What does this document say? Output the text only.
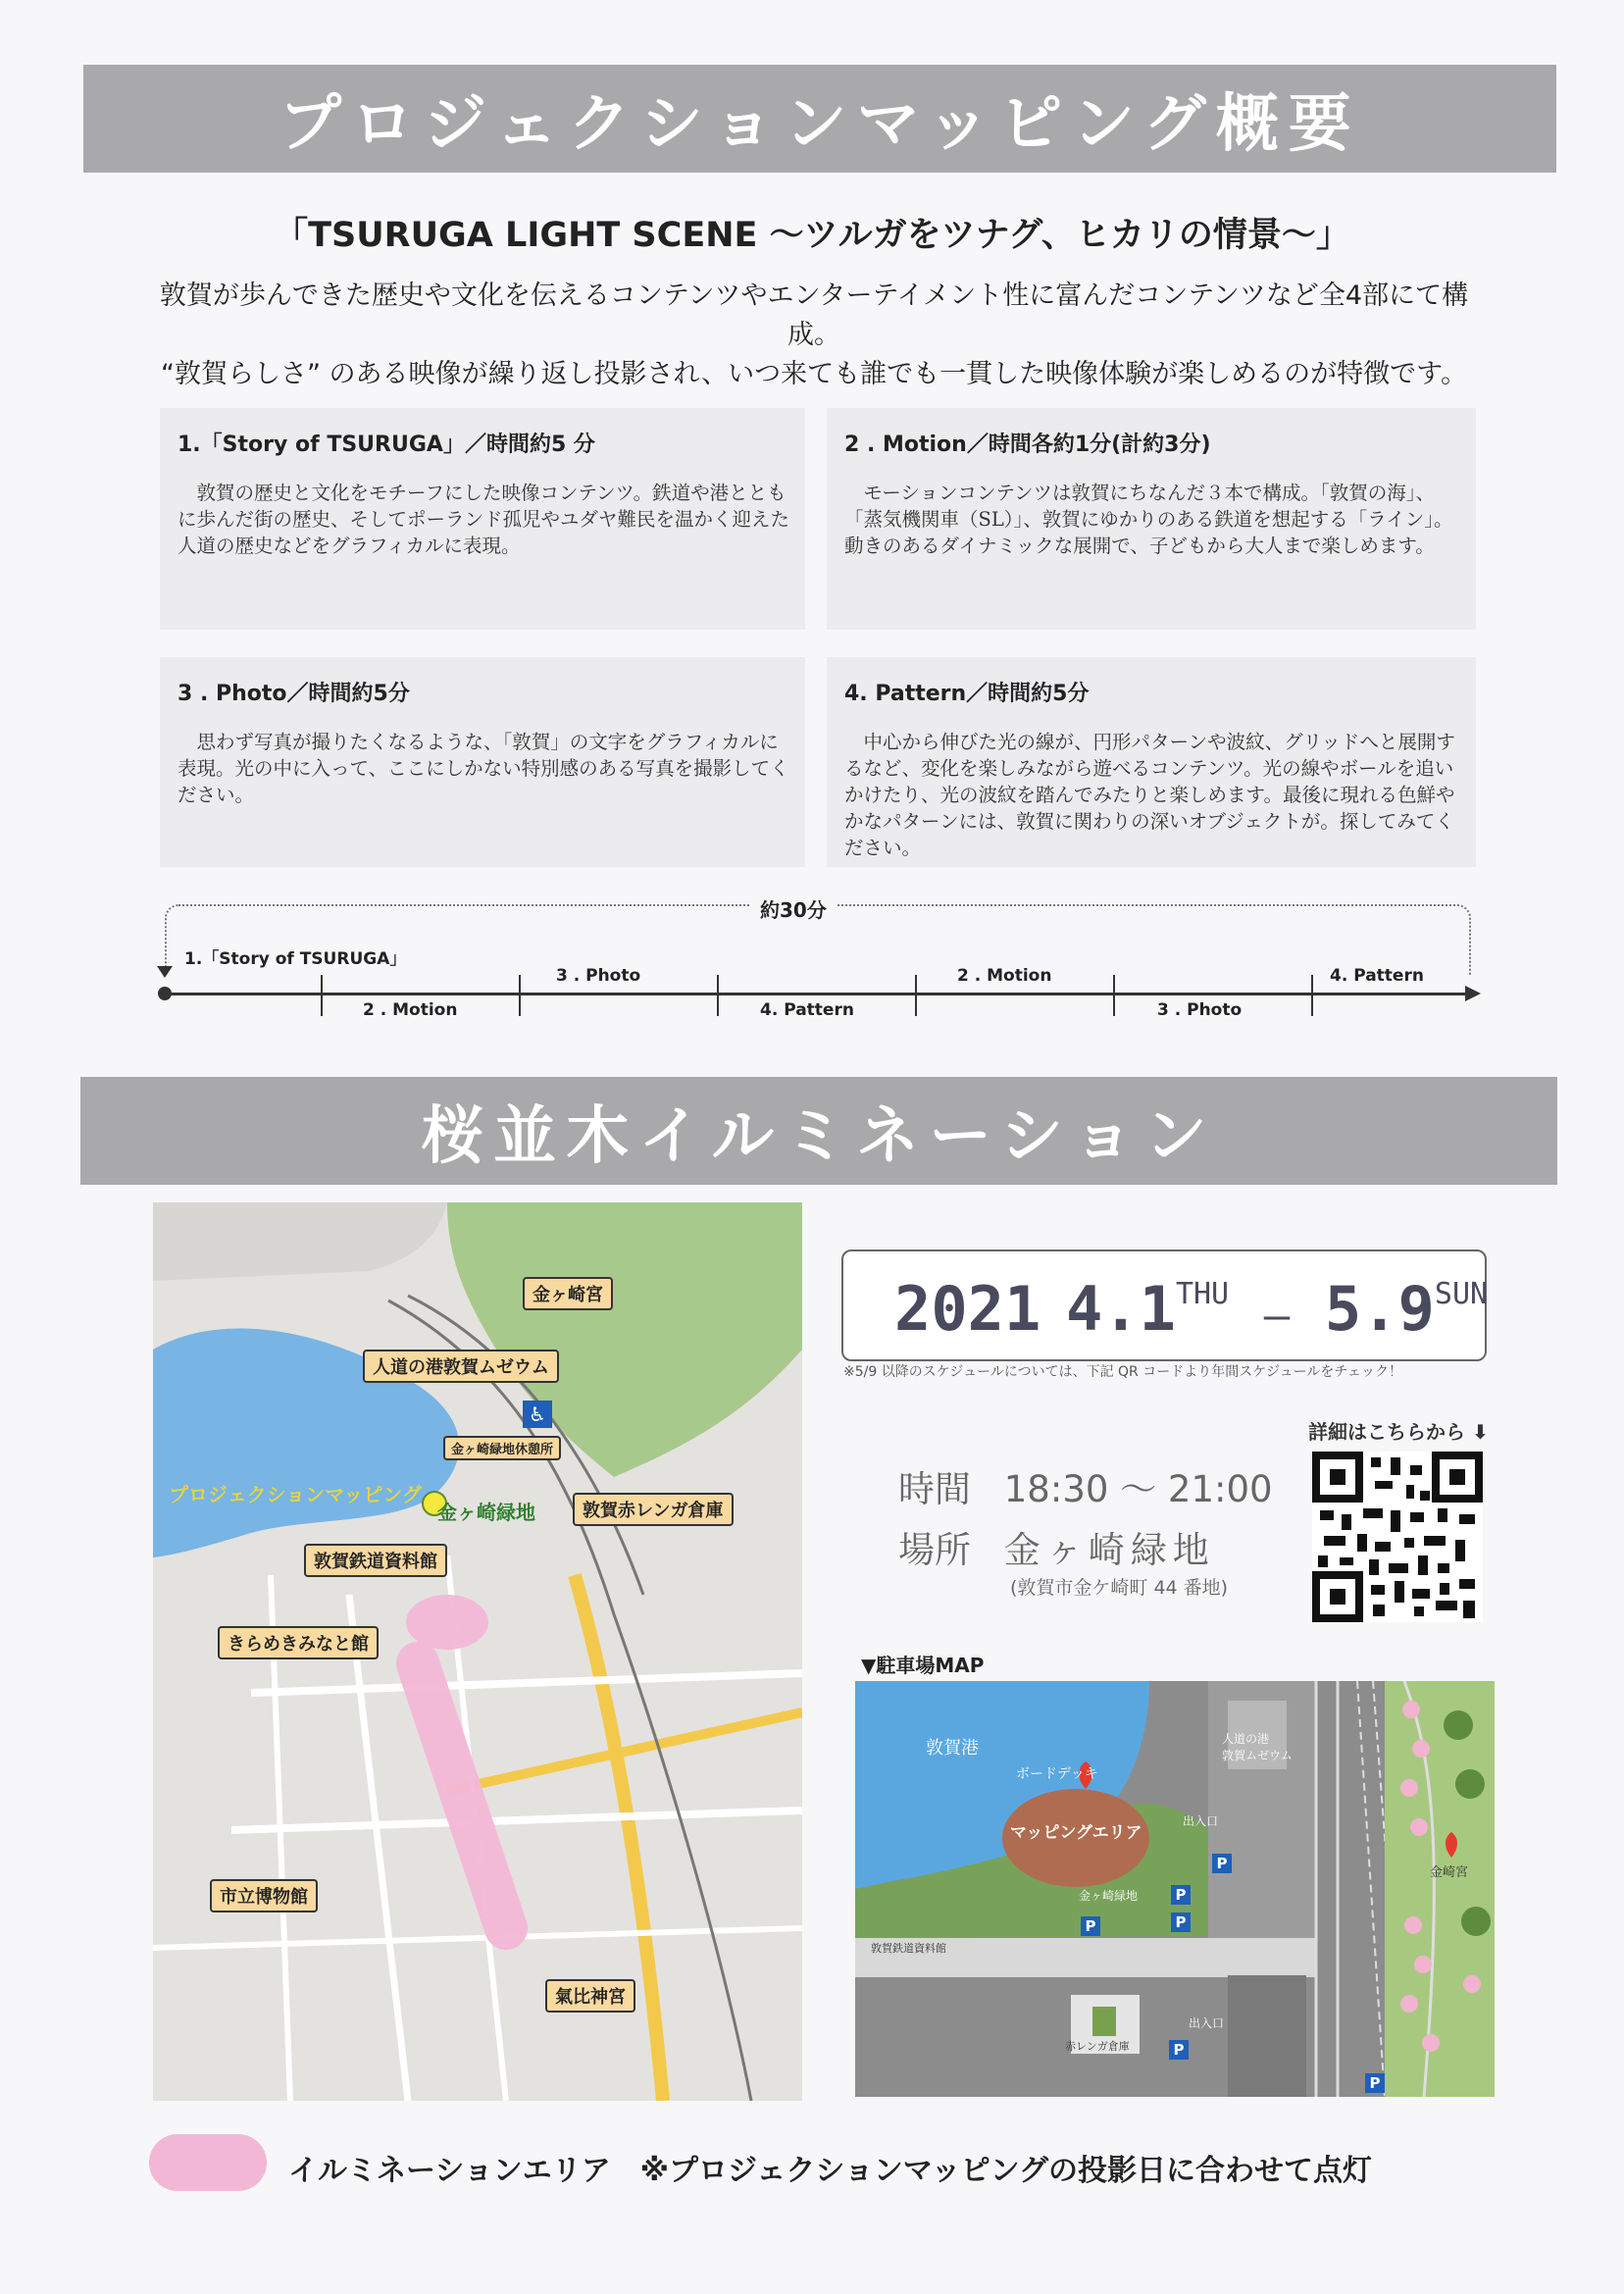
プロジェクションマッピング概要
「TSURUGA LIGHT SCENE 〜ツルガをツナグ、ヒカリの情景〜」
敦賀が歩んできた歴史や文化を伝えるコンテンツやエンターテイメント性に富んだコンテンツなど全4部にて構成。
“敦賀らしさ” のある映像が繰り返し投影され、いつ来ても誰でも一貫した映像体験が楽しめるのが特徴です。
1.「Story of TSURUGA」／時間約5 分

敦賀の歴史と文化をモチーフにした映像コンテンツ。鉄道や港とともに歩んだ街の歴史、そしてポーランド孤児やユダヤ難民を温かく迎えた人道の歴史などをグラフィカルに表現。

2 . Motion／時間各約1分(計約3分)

モーションコンテンツは敦賀にちなんだ３本で構成。「敦賀の海」、「蒸気機関車（SL）」、敦賀にゆかりのある鉄道を想起する「ライン」。動きのあるダイナミックな展開で、子どもから大人まで楽しめます。

3 . Photo／時間約5分

思わず写真が撮りたくなるような、「敦賀」の文字をグラフィカルに表現。光の中に入って、ここにしかない特別感のある写真を撮影してください。

4. Pattern／時間約5分

中心から伸びた光の線が、円形パターンや波紋、グリッドへと展開するなど、変化を楽しみながら遊べるコンテンツ。光の線やボールを追いかけたり、光の波紋を踏んでみたりと楽しめます。最後に現れる色鮮やかなパターンには、敦賀に関わりの深いオブジェクトが。探してみてください。

約30分
1.「Story of TSURUGA」
2 . Motion
3 . Photo
4. Pattern
2 . Motion
3 . Photo
4. Pattern
桜並木イルミネーション
金ヶ崎宮
人道の港敦賀ムゼウム
金ヶ崎緑地休憩所
プロジェクションマッピング
金ヶ崎緑地	敦賀赤レンガ倉庫
敦賀鉄道資料館
きらめきみなと館
市立博物館
氣比神宮
♿
2021 4.1THU – 5.9SUN
※5/9 以降のスケジュールについては、下記 QR コードより年間スケジュールをチェック！
時間 18:30 〜 21:00
場所 金ヶ崎緑地
(敦賀市金ケ崎町 44 番地)
詳細はこちらから ⬇
▼駐車場MAP
敦賀港
ボードデッキ
マッピングエリア
人道の港
敦賀ムゼウム
出入口
金ヶ崎緑地
敦賀鉄道資料館
赤レンガ倉庫
出入口
金崎宮
P
P
P
P
P
P
イルミネーションエリア　※プロジェクションマッピングの投影日に合わせて点灯
